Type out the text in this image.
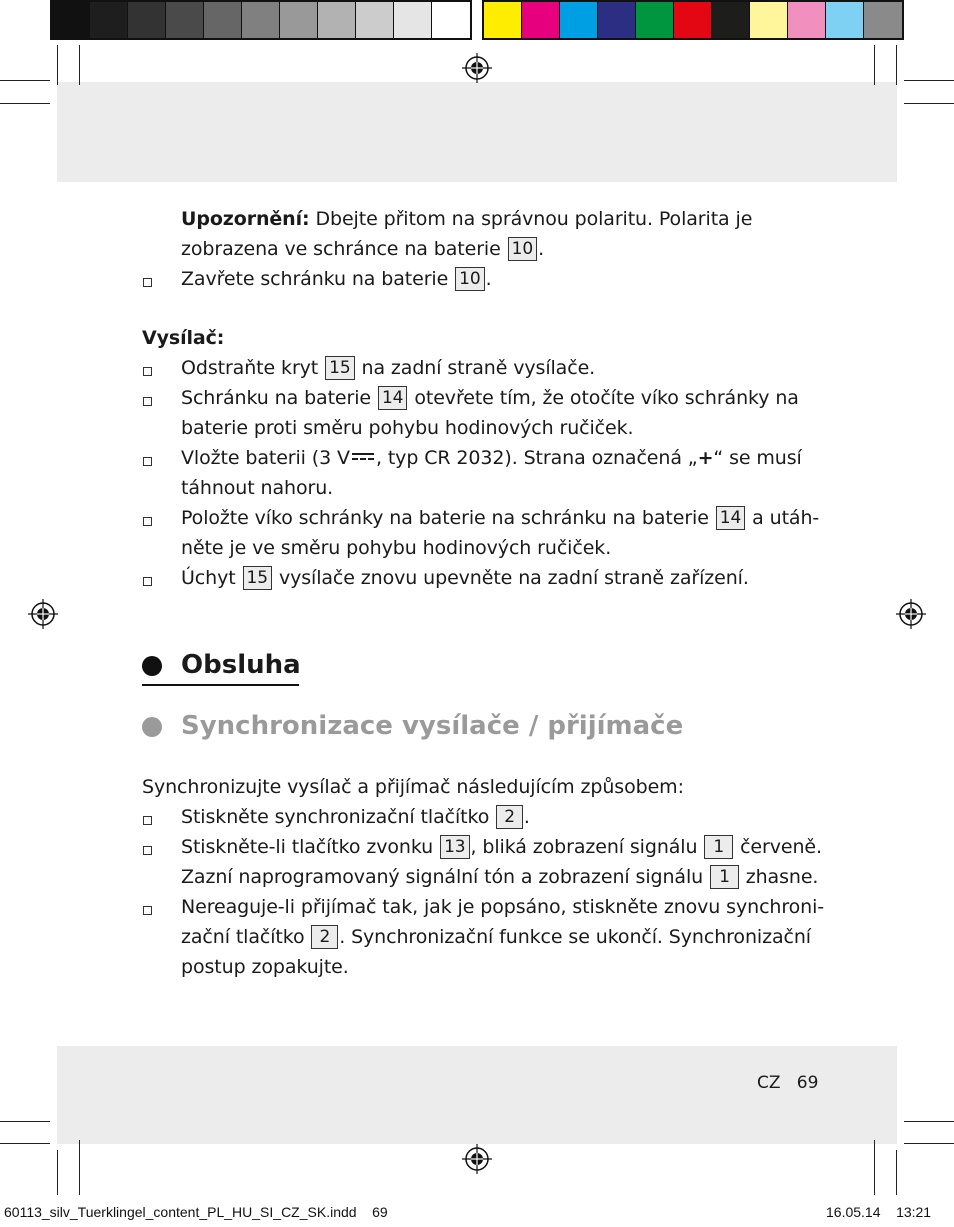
Upozornění: Dbejte přitom na správnou polaritu. Polarita je
zobrazena ve schránce na baterie 10 .
Zavřete schránku na baterie 10 .
Vysílač:
Odstraňte kryt 15 na zadní straně vysílače.
Schránku na baterie 14 otevřete tím, že otočíte víko schránky na
baterie proti směru pohybu hodinových ručiček.
Vložte baterii (3 V , typ CR 2032). Strana označená „+“ se musí
táhnout nahoru.
Položte víko schránky na baterie na schránku na baterie 14 a utáh-
něte je ve směru pohybu hodinových ručiček.
Úchyt 15 vysílače znovu upevněte na zadní straně zařízení.
Obsluha
Synchronizace vysílače / přijímače
Synchronizujte vysílač a přijímač následujícím způsobem:
Stiskněte synchronizační tlačítko 2 .
Stiskněte-li tlačítko zvonku 13 , bliká zobrazení signálu 1 červeně.
Zazní naprogramovaný signální tón a zobrazení signálu 1 zhasne.
Nereaguje-li přijímač tak, jak je popsáno, stiskněte znovu synchroni-
zační tlačítko 2 . Synchronizační funkce se ukončí. Synchronizační
postup zopakujte.
CZ 69
60113_silv_Tuerklingel_content_PL_HU_SI_CZ_SK.indd 69	16.05.14 13:21
